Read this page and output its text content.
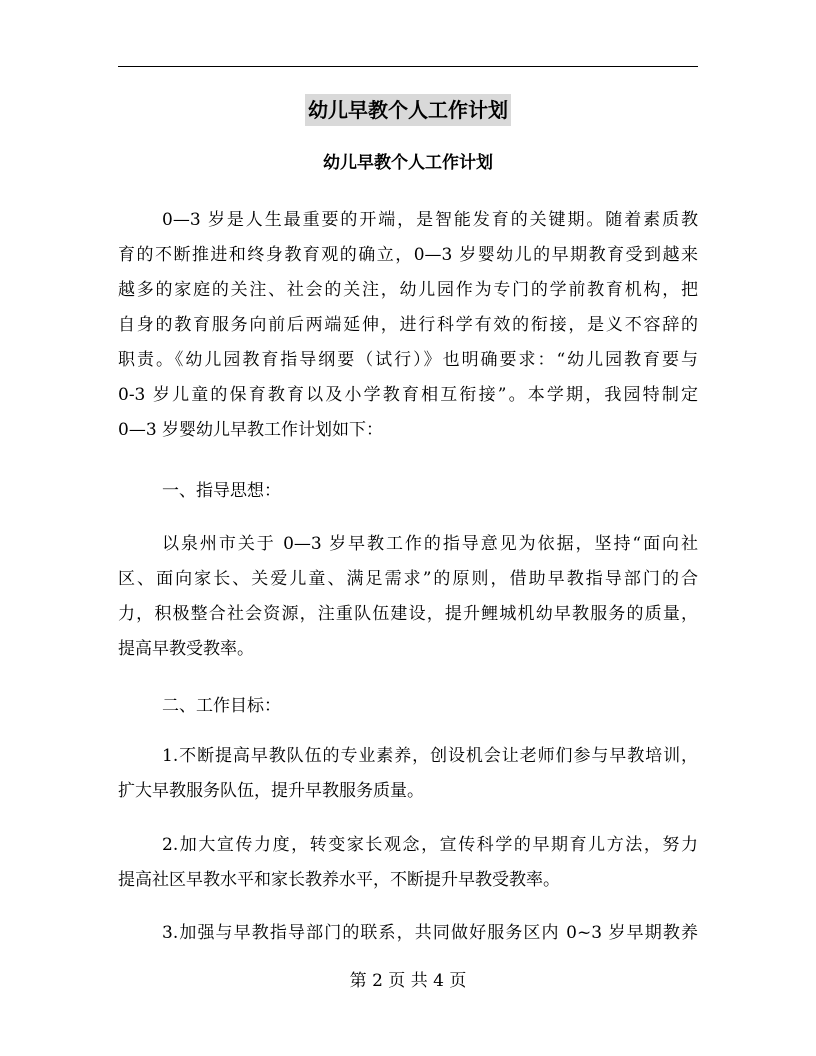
幼儿早教个人工作计划
幼儿早教个人工作计划
0—3 岁是人生最重要的开端，是智能发育的关键期。随着素质教
育的不断推进和终身教育观的确立，0—3 岁婴幼儿的早期教育受到越来
越多的家庭的关注、社会的关注，幼儿园作为专门的学前教育机构，把
自身的教育服务向前后两端延伸，进行科学有效的衔接，是义不容辞的
职责。《幼儿园教育指导纲要（试行）》也明确要求：“幼儿园教育要与
0-3 岁儿童的保育教育以及小学教育相互衔接”。本学期，我园特制定
0—3 岁婴幼儿早教工作计划如下：
一、指导思想：
以泉州市关于 0—3 岁早教工作的指导意见为依据，坚持“面向社
区、面向家长、关爱儿童、满足需求”的原则，借助早教指导部门的合
力，积极整合社会资源，注重队伍建设，提升鲤城机幼早教服务的质量，
提高早教受教率。
二、工作目标：
1.不断提高早教队伍的专业素养，创设机会让老师们参与早教培训，
扩大早教服务队伍，提升早教服务质量。
2.加大宣传力度，转变家长观念，宣传科学的早期育儿方法，努力
提高社区早教水平和家长教养水平，不断提升早教受教率。
3.加强与早教指导部门的联系，共同做好服务区内 0~3 岁早期教养
第 2 页 共 4 页
